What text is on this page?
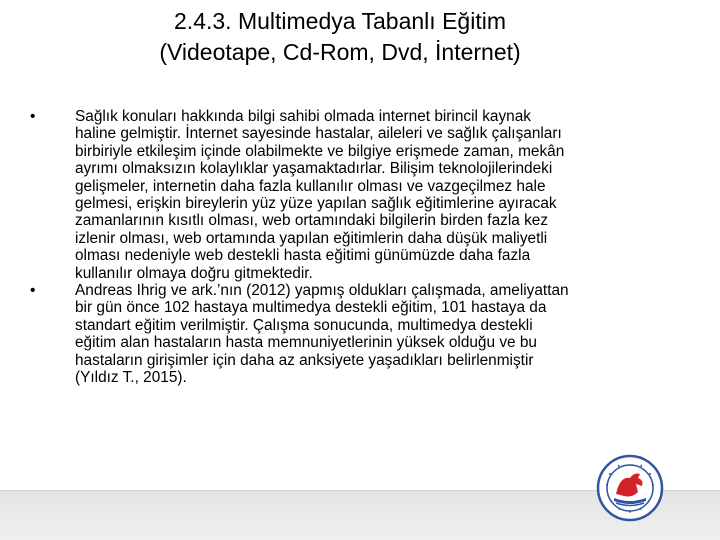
2.4.3. Multimedya Tabanlı Eğitim
(Videotape, Cd-Rom, Dvd, İnternet)
•	Sağlık konuları hakkında bilgi sahibi olmada internet birincil kaynak haline gelmiştir. İnternet sayesinde hastalar, aileleri ve sağlık çalışanları birbiriyle etkileşim içinde olabilmekte ve bilgiye erişmede zaman, mekân ayrımı olmaksızın kolaylıklar yaşamaktadırlar. Bilişim teknolojilerindeki gelişmeler, internetin daha fazla kullanılır olması ve vazgeçilmez hale gelmesi, erişkin bireylerin yüz yüze yapılan sağlık eğitimlerine ayıracak zamanlarının kısıtlı olması, web ortamındaki bilgilerin birden fazla kez izlenir olması, web ortamında yapılan eğitimlerin daha düşük maliyetli olması nedeniyle web destekli hasta eğitimi günümüzde daha fazla kullanılır olmaya doğru gitmektedir.
•	Andreas Ihrig ve ark.’nın (2012) yapmış oldukları çalışmada, ameliyattan bir gün önce 102 hastaya multimedya destekli eğitim, 101 hastaya da standart eğitim verilmiştir. Çalışma sonucunda, multimedya destekli eğitim alan hastaların hasta memnuniyetlerinin yüksek olduğu ve bu hastaların girişimler için daha az anksiyete yaşadıkları belirlenmiştir (Yıldız T., 2015).
